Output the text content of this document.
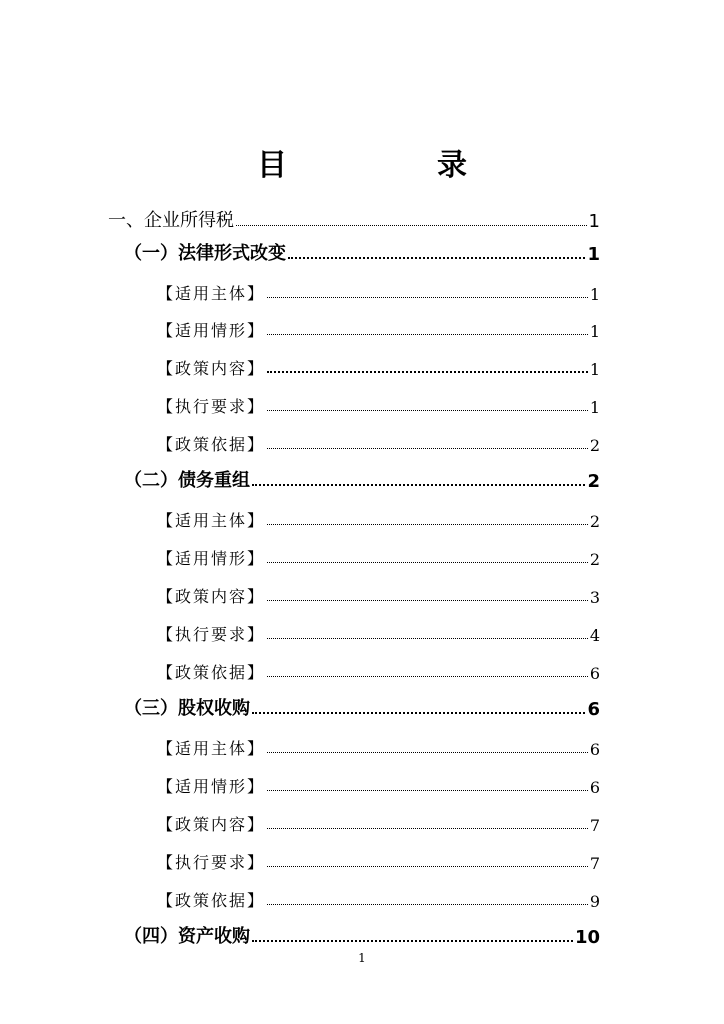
目　录
一、企业所得税	1
（一）法律形式改变	1
【适用主体】	1
【适用情形】	1
【政策内容】	1
【执行要求】	1
【政策依据】	2
（二）债务重组	2
【适用主体】	2
【适用情形】	2
【政策内容】	3
【执行要求】	4
【政策依据】	6
（三）股权收购	6
【适用主体】	6
【适用情形】	6
【政策内容】	7
【执行要求】	7
【政策依据】	9
（四）资产收购	10
1
